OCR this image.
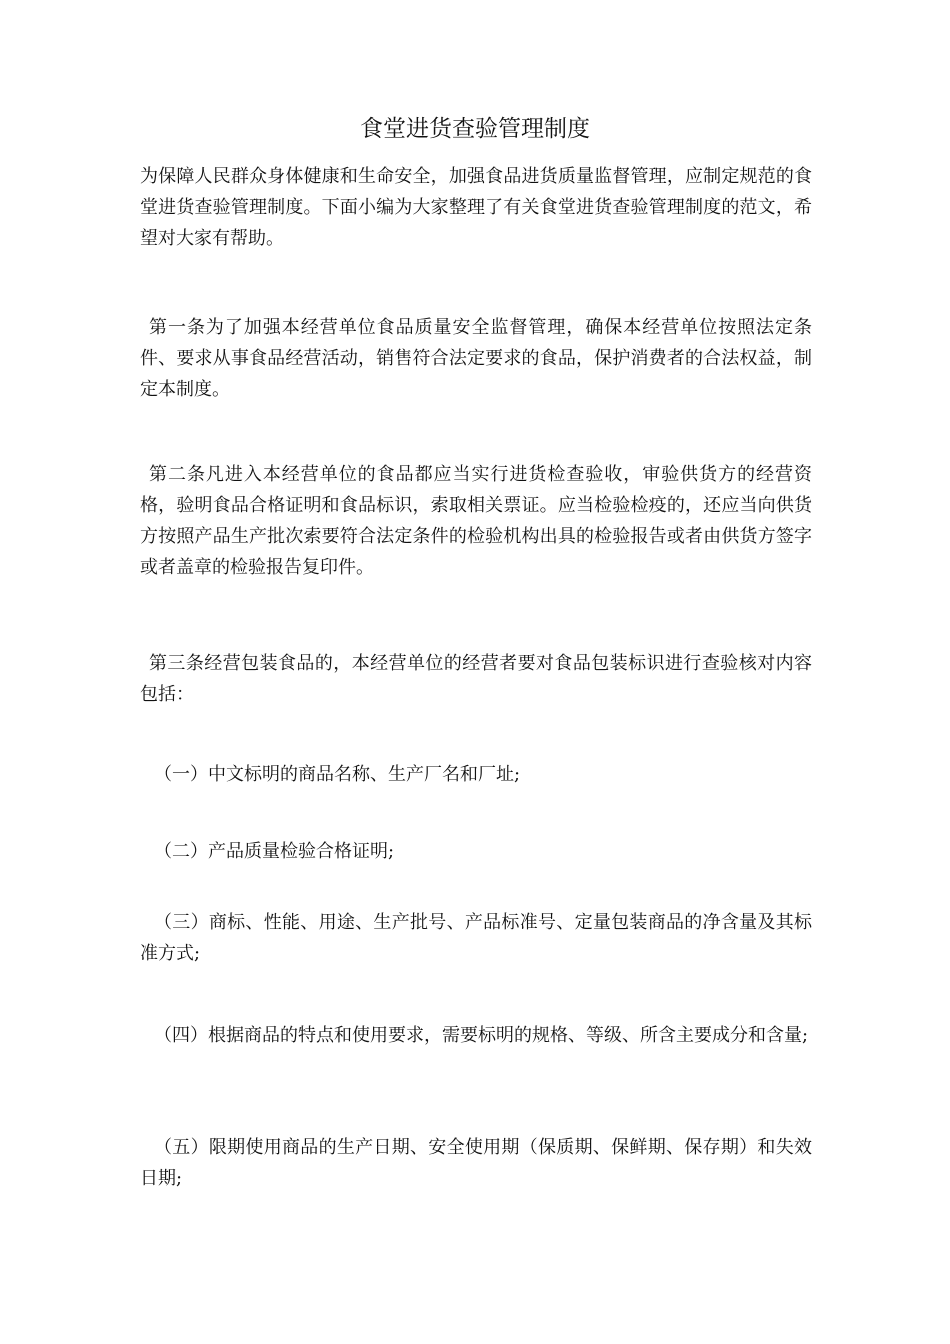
食堂进货查验管理制度

为保障人民群众身体健康和生命安全，加强食品进货质量监督管理，应制定规范的食堂进货查验管理制度。下面小编为大家整理了有关食堂进货查验管理制度的范文，希望对大家有帮助。

第一条为了加强本经营单位食品质量安全监督管理，确保本经营单位按照法定条件、要求从事食品经营活动，销售符合法定要求的食品，保护消费者的合法权益，制定本制度。

第二条凡进入本经营单位的食品都应当实行进货检查验收，审验供货方的经营资格，验明食品合格证明和食品标识，索取相关票证。应当检验检疫的，还应当向供货方按照产品生产批次索要符合法定条件的检验机构出具的检验报告或者由供货方签字或者盖章的检验报告复印件。

第三条经营包装食品的，本经营单位的经营者要对食品包装标识进行查验核对内容包括：

（一）中文标明的商品名称、生产厂名和厂址;

（二）产品质量检验合格证明;

（三）商标、性能、用途、生产批号、产品标准号、定量包装商品的净含量及其标准方式;

（四）根据商品的特点和使用要求，需要标明的规格、等级、所含主要成分和含量;

（五）限期使用商品的生产日期、安全使用期（保质期、保鲜期、保存期）和失效日期;
